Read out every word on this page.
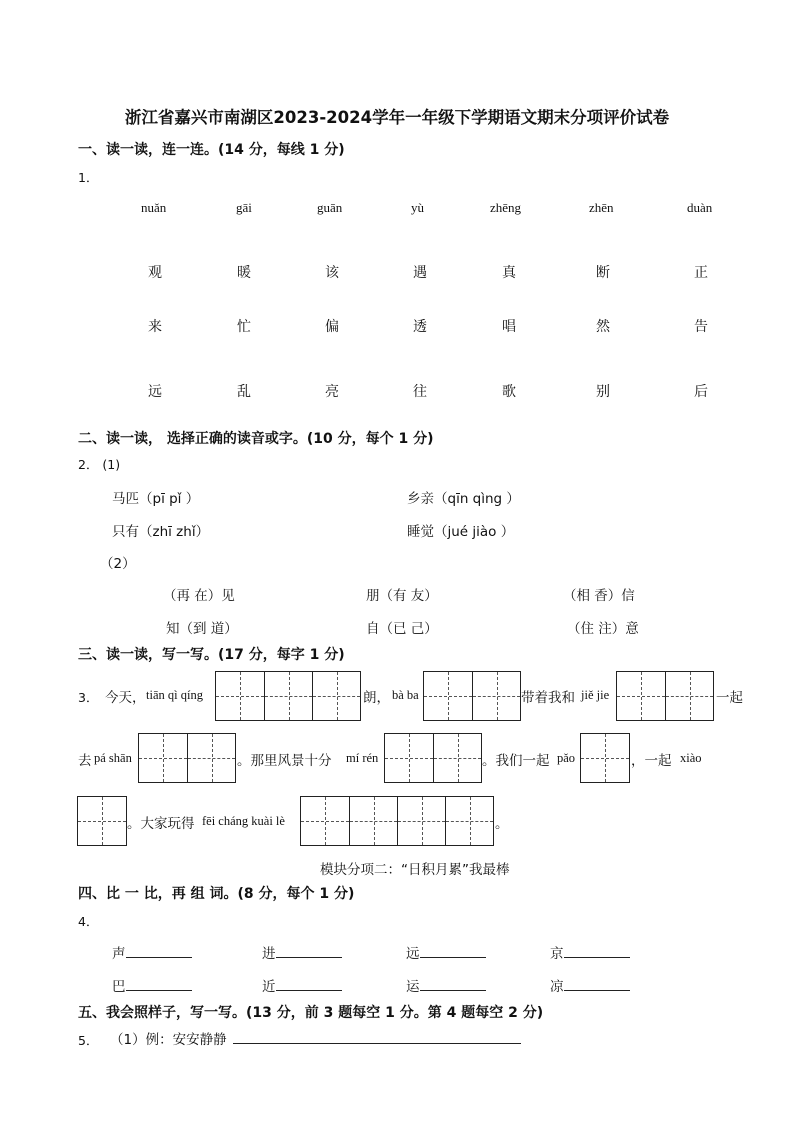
浙江省嘉兴市南湖区2023-2024学年一年级下学期语文期末分项评价试卷
一、读一读，连一连。(14 分，每线 1 分)
1．
nuǎn	gāi	guān	yù	zhēng	zhēn	duàn
观	暖	该	遇	真	断	正
来	忙	偏	透	唱	然	告
远	乱	亮	往	歌	别	后
二、读一读， 选择正确的读音或字。(10 分，每个 1 分)
2． (1)
马匹（pī pǐ ）	乡亲（qīn qìng ）
只有（zhī zhǐ）	睡觉（jué jiào ）
（2）
（再 在）见	朋（有 友）	（相 香）信
知（到 道）	自（已 己）	（住 注）意
三、读一读，写一写。(17 分，每字 1 分)
3． 今天， tiān qì qíng	朗， bà ba	带着我和 jiě jie	一起
去 pá shān	。那里风景十分 mí rén	。我们一起 pǎo	，一起 xiào
。大家玩得 fēi cháng kuài lè	。
模块分项二：“日积月累”我最棒
四、比 一 比，再 组 词。(8 分，每个 1 分)
4．
声	进	远	京
巴	近	运	凉
五、我会照样子，写一写。(13 分，前 3 题每空 1 分。第 4 题每空 2 分)
5． （1）例：安安静静
